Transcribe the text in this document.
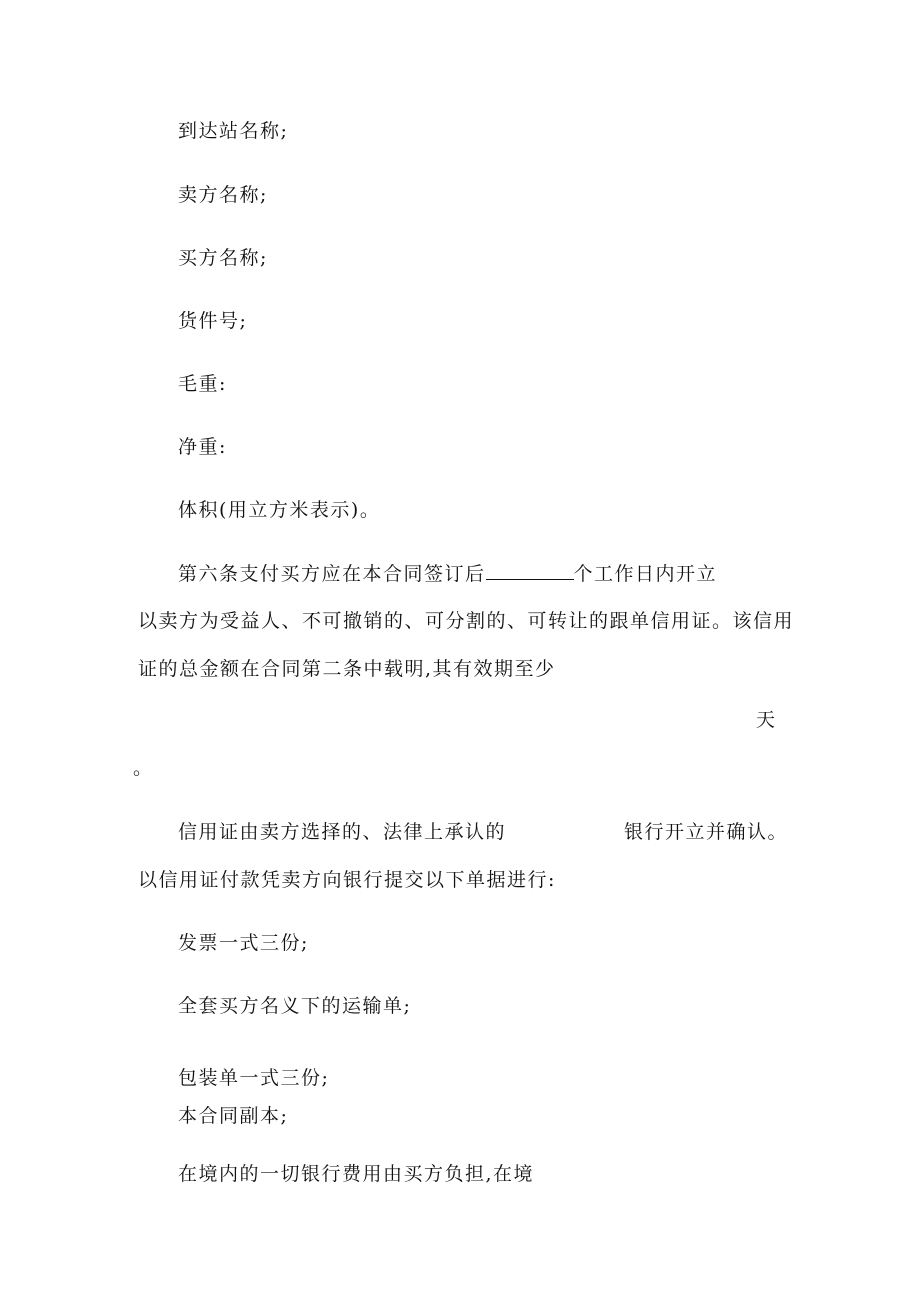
到达站名称;
卖方名称;
买方名称;
货件号;
毛重:
净重:
体积(用立方米表示)。
第六条支付买方应在本合同签订后	个工作日内开立
以卖方为受益人、不可撤销的、可分割的、可转让的跟单信用证。该信用
证的总金额在合同第二条中载明,其有效期至少
天
。
信用证由卖方选择的、法律上承认的	银行开立并确认。
以信用证付款凭卖方向银行提交以下单据进行:
发票一式三份;
全套买方名义下的运输单;
包装单一式三份;
本合同副本;
在境内的一切银行费用由买方负担,在境
